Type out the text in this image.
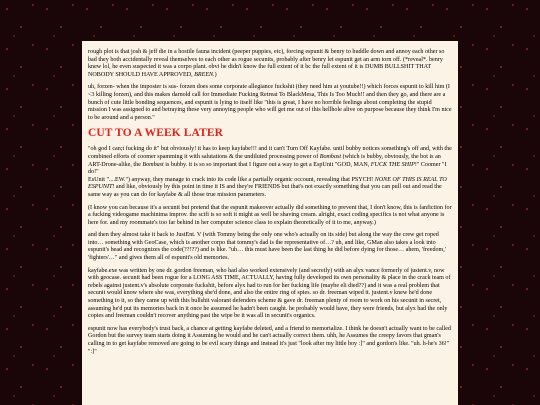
rough plot is that josh & jeff die in a hostile fauna incident (peeper puppies, etc), forcing espunit & benry to huddle down and annoy each other so bad they both accidentally reveal themselves to each other as rogue secunits, probably after benry let espunit get an arm torn off. (*reveal*. benry knew lol, he even suspected it was a corpo plant. obvi he didn't know the full extent of it bc the full extent of it is DUMB BULLSHIT THAT NOBODY SHOULD HAVE APPROVED, BREEN.)

uh, forzen- when the imposter is sus- forzen does some corporate allegiance fuckshit (they need him at youtube!!) which forces espunit to kill him (I <3 killing forzen), and this makes darnold call for Immediate Fucking Retreat To BlackMesa, This Is Too Much!! and then they go, and there are a bunch of cute little bonding sequences, and espunit is lying to itself like "this is great, I have no horrible feelings about completing the stupid mission I was assigned to and betraying these very annoying people who will get me out of this hellhole alive on purpose because they think I'm nice to be around and a person."

CUT TO A WEEK LATER

"oh god I can;t fucking do it" but obviously! it has to keep kayfabe!!! and it can't Turn Off Kayfabe. until bubby notices something's off and, with the combined efforts of coomer spamming it with salutations & the undiluted processing power of Bombast (which is bubby, obviously, the bot is an ART-Drone-alike, the Bombast is bubby. it is so so important that I figure out a way to get a EspUnit "GOD, MAN, FUCK THE SHIP!" Coomer "I do!"

EsUnit "....EW.") anyway, they manage to crack into its code like a partially organic occount, revealing that PSYCH! NONE OF THIS IS REAL TO ESPUNIT! and like, obviously by this point in time it IS and they're FRIENDS but that's not exactly something that you can pull out and read the same way as you can do for kayfabe & all those true mission parameters.

(I know you can because it's a secunit but pretend that the espunit makeover actually did something to prevent that, I don't know, this is fanfiction for a fucking videogame machinima improv. the scifi is so soft it might as well be shaving cream. alright, exact coding specifics is not what anyone is here for. and my roommate's too far behind in her computer science class to explain theoretically of it to me, anyway.)

and then they almost take it back to JustEnt. V (with Tommy being the only one who's actually on its side) but along the way the crew get roped into… something with GeoCase, which is another corpo that tommy's dad is the representative of…? uh, and like, GMan also takes a look into espunit's head and recognizes the code(??!??) and is like. "uh… this must have been the last thing he did before dying for those… ahem, 'freedom,' 'fighters'…" and gives them all of espunit's old memories.

kayfabe.exe was written by one dr. gordon freeman, who had also worked extensively (and secretly) with an alyx vance formerly of justent.v, now with geocase. secunit had been rogue for a LONG ASS TIME, ACTUALLY, having fully developed its own personality & place in the crack team of rebels against justent.v's absolute corporate fuckshit, before alyx had to run for her fucking life (maybe eli died??) and it was a real problem that secunit would know where she was, everything she'd done, and also the entire ring of spies. so dr. freeman wiped it. justent.v knew he'd done something to it, so they came up with this bullshit valorant defenders scheme & gave dr. freeman plenty of room to work on his secunit in secret, assuming he'd put its memories back in it once he assumed he hadn't been caught. he probably would have, they were friends, but alyx had the only copies and freeman couldn't recover anything past the wipe be it was all in secunit's organics.

espunit now has everybody's trust back, a chance at getting kayfabe deleted, and a friend to memorialize. I think he doesn't actually want to be called Gordon but the survey team starts doing it Assuming he would and he can't actually correct them. uhh, he Assumes the creepy favors that gman's calling in to get kayfabe removed are going to be evil scary things and instead it's just "look after my little boy :]" and gordon's like. "uh. h-he's 36!"

":]"
